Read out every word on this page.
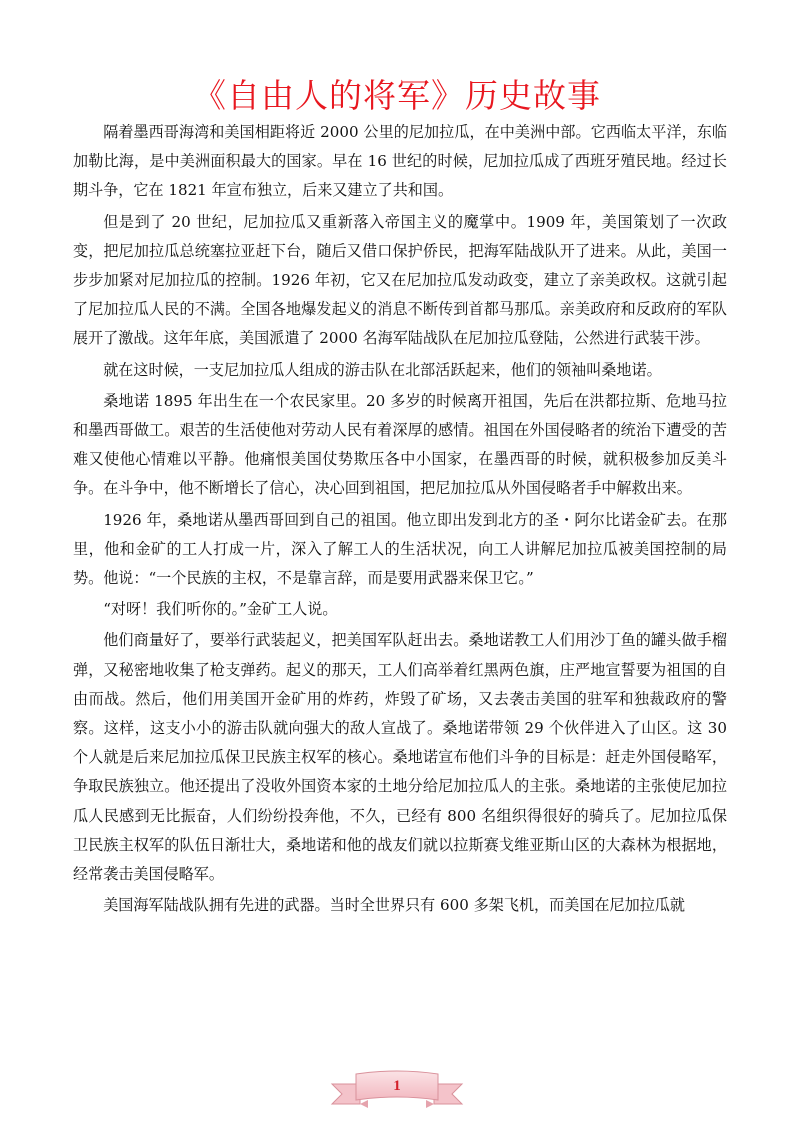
《自由人的将军》历史故事

隔着墨西哥海湾和美国相距将近 2000 公里的尼加拉瓜，在中美洲中部。它西临太平洋，东临加勒比海，是中美洲面积最大的国家。早在 16 世纪的时候，尼加拉瓜成了西班牙殖民地。经过长期斗争，它在 1821 年宣布独立，后来又建立了共和国。

但是到了 20 世纪，尼加拉瓜又重新落入帝国主义的魔掌中。1909 年，美国策划了一次政变，把尼加拉瓜总统塞拉亚赶下台，随后又借口保护侨民，把海军陆战队开了进来。从此，美国一步步加紧对尼加拉瓜的控制。1926 年初，它又在尼加拉瓜发动政变，建立了亲美政权。这就引起了尼加拉瓜人民的不满。全国各地爆发起义的消息不断传到首都马那瓜。亲美政府和反政府的军队展开了激战。这年年底，美国派遣了 2000 名海军陆战队在尼加拉瓜登陆，公然进行武装干涉。

就在这时候，一支尼加拉瓜人组成的游击队在北部活跃起来，他们的领袖叫桑地诺。

桑地诺 1895 年出生在一个农民家里。20 多岁的时候离开祖国，先后在洪都拉斯、危地马拉和墨西哥做工。艰苦的生活使他对劳动人民有着深厚的感情。祖国在外国侵略者的统治下遭受的苦难又使他心情难以平静。他痛恨美国仗势欺压各中小国家，在墨西哥的时候，就积极参加反美斗争。在斗争中，他不断增长了信心，决心回到祖国，把尼加拉瓜从外国侵略者手中解救出来。

1926 年，桑地诺从墨西哥回到自己的祖国。他立即出发到北方的圣・阿尔比诺金矿去。在那里，他和金矿的工人打成一片，深入了解工人的生活状况，向工人讲解尼加拉瓜被美国控制的局势。他说：“一个民族的主权，不是靠言辞，而是要用武器来保卫它。”

“对呀！我们听你的。”金矿工人说。

他们商量好了，要举行武装起义，把美国军队赶出去。桑地诺教工人们用沙丁鱼的罐头做手榴弹，又秘密地收集了枪支弹药。起义的那天，工人们高举着红黑两色旗，庄严地宣誓要为祖国的自由而战。然后，他们用美国开金矿用的炸药，炸毁了矿场，又去袭击美国的驻军和独裁政府的警察。这样，这支小小的游击队就向强大的敌人宣战了。桑地诺带领 29 个伙伴进入了山区。这 30 个人就是后来尼加拉瓜保卫民族主权军的核心。桑地诺宣布他们斗争的目标是：赶走外国侵略军，争取民族独立。他还提出了没收外国资本家的土地分给尼加拉瓜人的主张。桑地诺的主张使尼加拉瓜人民感到无比振奋，人们纷纷投奔他，不久，已经有 800 名组织得很好的骑兵了。尼加拉瓜保卫民族主权军的队伍日渐壮大，桑地诺和他的战友们就以拉斯赛戈维亚斯山区的大森林为根据地，经常袭击美国侵略军。

美国海军陆战队拥有先进的武器。当时全世界只有 600 多架飞机，而美国在尼加拉瓜就

1
